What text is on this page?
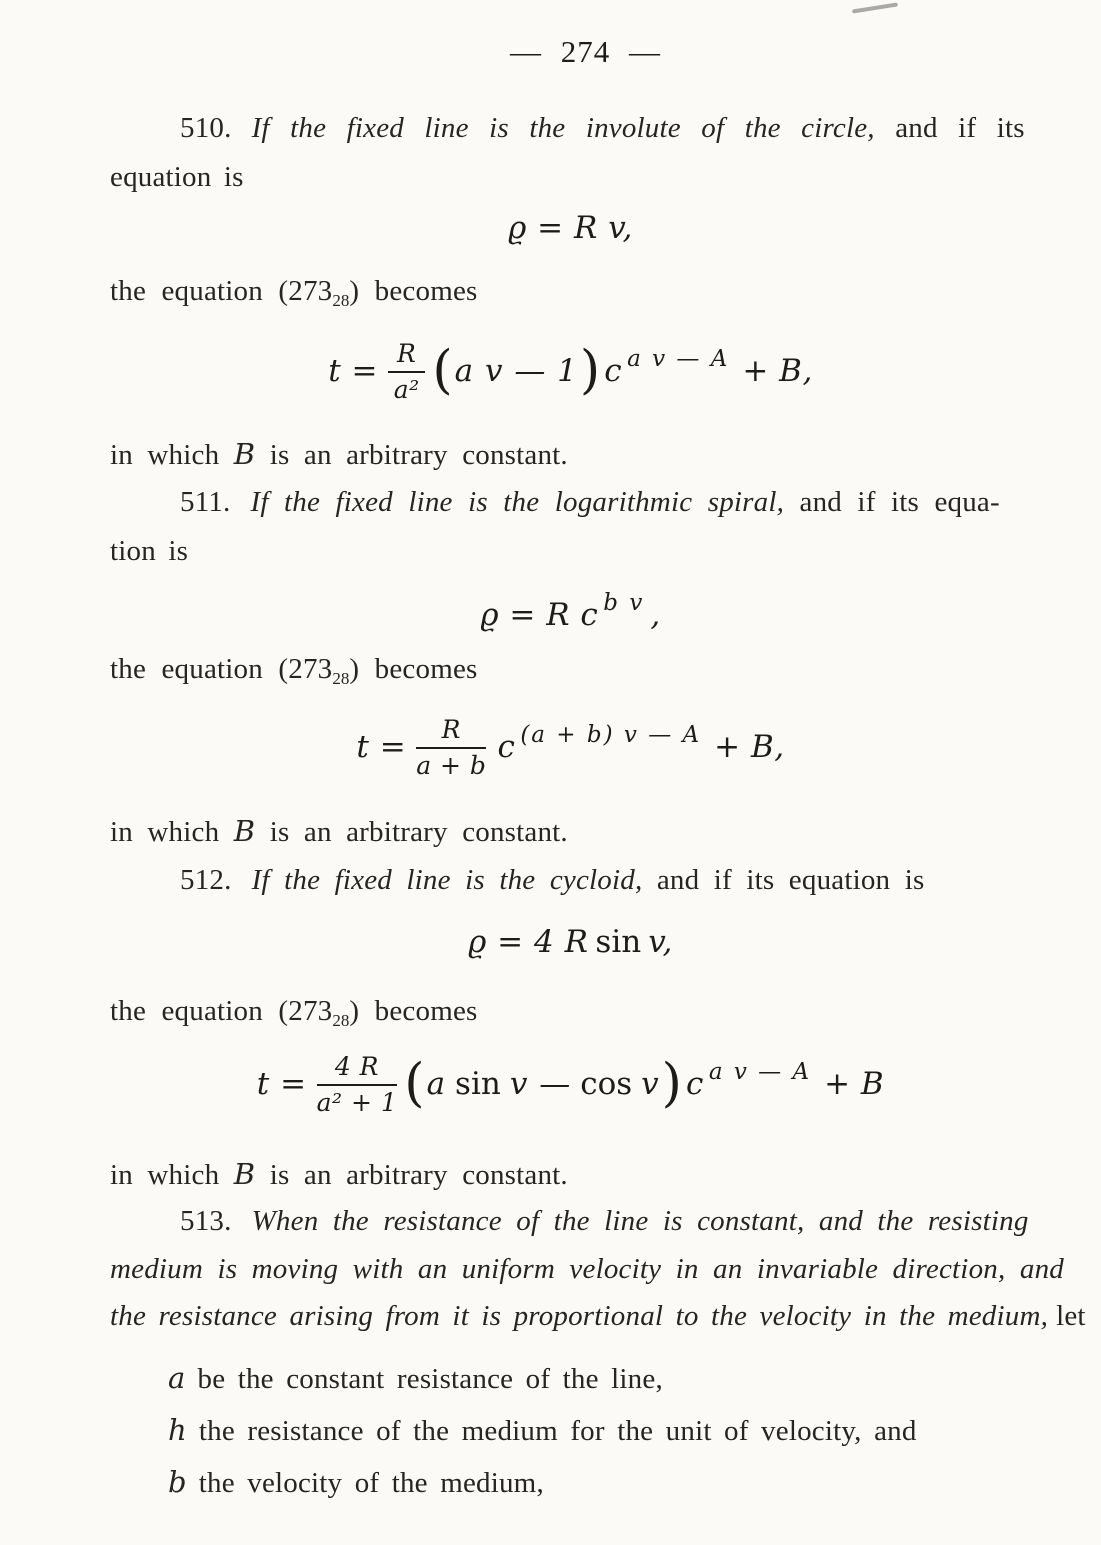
— 274 —
510. If the fixed line is the involute of the circle, and if its
equation is
ϱ = R v,
the equation $(273_{28})$ becomes
$t = \frac{R}{\text{a²}} (a$ v — 1) c $^{a v — A}$ + B,
in which B is an arbitrary constant.
511. If the fixed line is the logarithmic spiral, and if its equa-
tion is
ϱ = R c $^{b v}$ ,
the equation $(273_{28})$ becomes
$t = \frac{R}{a + b}$ c $^{(a + b) v — A}$ + B,
in which B is an arbitrary constant.
512. If the fixed line is the cycloid, and if its equation is
ϱ = 4 R sin v,
the equation $(273_{28})$ becomes
$t = \frac{4 R}{\text{a² + 1}} (a$ sin v — cos v) c $^{a v — A}$ + B
in which B is an arbitrary constant.
513. When the resistance of the line is constant, and the resisting
medium is moving with an uniform velocity in an invariable direction, and
the resistance arising from it is proportional to the velocity in the medium, let
a be the constant resistance of the line,
h the resistance of the medium for the unit of velocity, and
b the velocity of the medium,
